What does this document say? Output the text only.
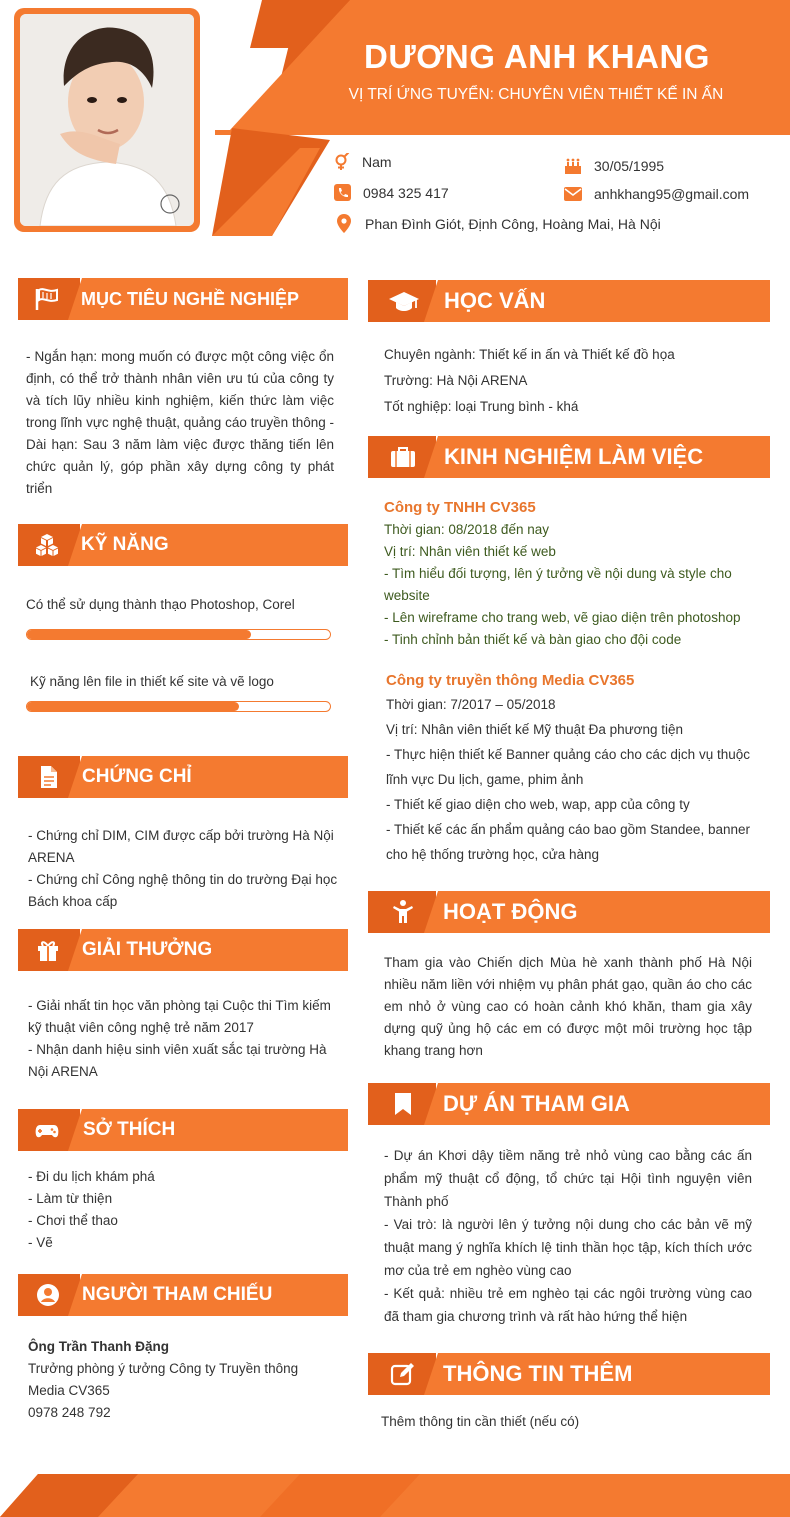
DƯƠNG ANH KHANG
VỊ TRÍ ỨNG TUYỂN: CHUYÊN VIÊN THIẾT KẾ IN ẤN
Nam	30/05/1995
0984 325 417	anhkhang95@gmail.com
Phan Đình Giót, Định Công, Hoàng Mai, Hà Nội
MỤC TIÊU NGHỀ NGHIỆP
- Ngắn hạn: mong muốn có được một công việc ổn định, có thể trở thành nhân viên ưu tú của công ty và tích lũy nhiều kinh nghiệm, kiến thức làm việc trong lĩnh vực nghệ thuật, quảng cáo truyền thông - Dài hạn: Sau 3 năm làm việc được thăng tiến lên chức quản lý, góp phần xây dựng công ty phát triển
KỸ NĂNG
Có thể sử dụng thành thạo Photoshop, Corel
Kỹ năng lên file in thiết kế site và vẽ logo
CHỨNG CHỈ

- Chứng chỉ DIM, CIM được cấp bởi trường Hà Nội ARENA

- Chứng chỉ Công nghệ thông tin do trường Đại học Bách khoa cấp

GIẢI THƯỞNG

- Giải nhất tin học văn phòng tại Cuộc thi Tìm kiếm kỹ thuật viên công nghệ trẻ năm 2017

- Nhận danh hiệu sinh viên xuất sắc tại trường Hà Nội ARENA

SỞ THÍCH

- Đi du lịch khám phá

- Làm từ thiện

- Chơi thể thao

- Vẽ

NGƯỜI THAM CHIẾU

Ông Trần Thanh Đặng

Trưởng phòng ý tưởng Công ty Truyền thông Media CV365

0978 248 792

HỌC VẤN

Chuyên ngành: Thiết kế in ấn và Thiết kế đồ họa

Trường: Hà Nội ARENA

Tốt nghiệp: loại Trung bình - khá

KINH NGHIỆM LÀM VIỆC

Công ty TNHH CV365

Thời gian: 08/2018 đến nay

Vị trí: Nhân viên thiết kế web

- Tìm hiểu đối tượng, lên ý tưởng về nội dung và style cho website

- Lên wireframe cho trang web, vẽ giao diện trên photoshop

- Tinh chỉnh bản thiết kế và bàn giao cho đội code

Công ty truyền thông Media CV365

Thời gian: 7/2017 – 05/2018

Vị trí: Nhân viên thiết kế Mỹ thuật Đa phương tiện

- Thực hiện thiết kế Banner quảng cáo cho các dịch vụ thuộc lĩnh vực Du lịch, game, phim ảnh

- Thiết kế giao diện cho web, wap, app của công ty

- Thiết kế các ấn phẩm quảng cáo bao gồm Standee, banner cho hệ thống trường học, cửa hàng

HOẠT ĐỘNG
Tham gia vào Chiến dịch Mùa hè xanh thành phố Hà Nội nhiều năm liền với nhiệm vụ phân phát gạo, quần áo cho các em nhỏ ở vùng cao có hoàn cảnh khó khăn, tham gia xây dựng quỹ ủng hộ các em có được một môi trường học tập khang trang hơn
DỰ ÁN THAM GIA

- Dự án Khơi dậy tiềm năng trẻ nhỏ vùng cao bằng các ấn phẩm mỹ thuật cổ động, tổ chức tại Hội tình nguyện viên Thành phố

- Vai trò: là người lên ý tưởng nội dung cho các bản vẽ mỹ thuật mang ý nghĩa khích lệ tinh thần học tập, kích thích ước mơ của trẻ em nghèo vùng cao

- Kết quả: nhiều trẻ em nghèo tại các ngôi trường vùng cao đã tham gia chương trình và rất hào hứng thể hiện

THÔNG TIN THÊM
Thêm thông tin cần thiết (nếu có)
